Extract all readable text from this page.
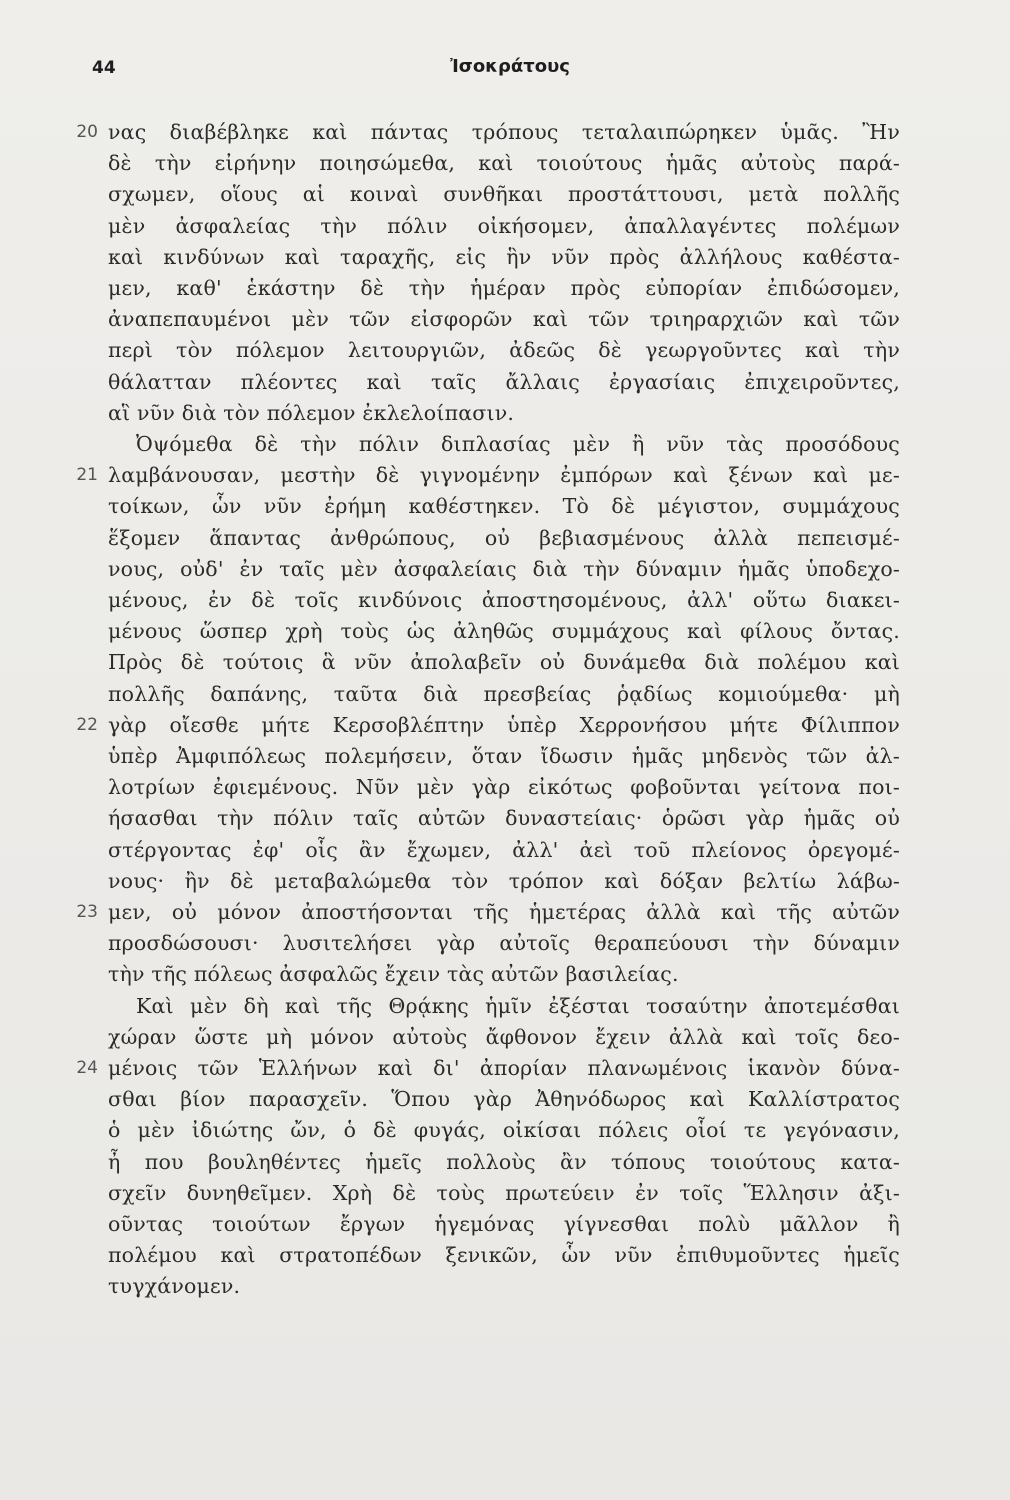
44	Ἰσοκράτους
νας διαβέβληκε καὶ πάντας τρόπους τεταλαιπώρηκεν ὑμᾶς. Ἢν
δὲ τὴν εἰρήνην ποιησώμεθα, καὶ τοιούτους ἡμᾶς αὐτοὺς παρά-
σχωμεν, οἵους αἱ κοιναὶ συνθῆκαι προστάττουσι, μετὰ πολλῆς
μὲν ἀσφαλείας τὴν πόλιν οἰκήσομεν, ἀπαλλαγέντες πολέμων
καὶ κινδύνων καὶ ταραχῆς, εἰς ἣν νῦν πρὸς ἀλλήλους καθέστα-
μεν, καθ' ἑκάστην δὲ τὴν ἡμέραν πρὸς εὐπορίαν ἐπιδώσομεν,
ἀναπεπαυμένοι μὲν τῶν εἰσφορῶν καὶ τῶν τριηραρχιῶν καὶ τῶν
περὶ τὸν πόλεμον λειτουργιῶν, ἀδεῶς δὲ γεωργοῦντες καὶ τὴν
θάλατταν πλέοντες καὶ ταῖς ἄλλαις ἐργασίαις ἐπιχειροῦντες,
αἳ νῦν διὰ τὸν πόλεμον ἐκλελοίπασιν.
Ὀψόμεθα δὲ τὴν πόλιν διπλασίας μὲν ἢ νῦν τὰς προσόδους
λαμβάνουσαν, μεστὴν δὲ γιγνομένην ἐμπόρων καὶ ξένων καὶ με-
τοίκων, ὧν νῦν ἐρήμη καθέστηκεν. Τὸ δὲ μέγιστον, συμμάχους
ἕξομεν ἅπαντας ἀνθρώπους, οὐ βεβιασμένους ἀλλὰ πεπεισμέ-
νους, οὐδ' ἐν ταῖς μὲν ἀσφαλείαις διὰ τὴν δύναμιν ἡμᾶς ὑποδεχο-
μένους, ἐν δὲ τοῖς κινδύνοις ἀποστησομένους, ἀλλ' οὕτω διακει-
μένους ὥσπερ χρὴ τοὺς ὡς ἀληθῶς συμμάχους καὶ φίλους ὄντας.
Πρὸς δὲ τούτοις ἃ νῦν ἀπολαβεῖν οὐ δυνάμεθα διὰ πολέμου καὶ
πολλῆς δαπάνης, ταῦτα διὰ πρεσβείας ῥᾳδίως κομιούμεθα· μὴ
γὰρ οἴεσθε μήτε Κερσοβλέπτην ὑπὲρ Χερρονήσου μήτε Φίλιππον
ὑπὲρ Ἀμφιπόλεως πολεμήσειν, ὅταν ἴδωσιν ἡμᾶς μηδενὸς τῶν ἀλ-
λοτρίων ἐφιεμένους. Νῦν μὲν γὰρ εἰκότως φοβοῦνται γείτονα ποι-
ήσασθαι τὴν πόλιν ταῖς αὐτῶν δυναστείαις· ὁρῶσι γὰρ ἡμᾶς οὐ
στέργοντας ἐφ' οἷς ἂν ἔχωμεν, ἀλλ' ἀεὶ τοῦ πλείονος ὀρεγομέ-
νους· ἢν δὲ μεταβαλώμεθα τὸν τρόπον καὶ δόξαν βελτίω λάβω-
μεν, οὐ μόνον ἀποστήσονται τῆς ἡμετέρας ἀλλὰ καὶ τῆς αὐτῶν
προσδώσουσι· λυσιτελήσει γὰρ αὐτοῖς θεραπεύουσι τὴν δύναμιν
τὴν τῆς πόλεως ἀσφαλῶς ἔχειν τὰς αὐτῶν βασιλείας.
Καὶ μὲν δὴ καὶ τῆς Θρᾴκης ἡμῖν ἐξέσται τοσαύτην ἀποτεμέσθαι
χώραν ὥστε μὴ μόνον αὐτοὺς ἄφθονον ἔχειν ἀλλὰ καὶ τοῖς δεο-
μένοις τῶν Ἑλλήνων καὶ δι' ἀπορίαν πλανωμένοις ἱκανὸν δύνα-
σθαι βίον παρασχεῖν. Ὅπου γὰρ Ἀθηνόδωρος καὶ Καλλίστρατος
ὁ μὲν ἰδιώτης ὤν, ὁ δὲ φυγάς, οἰκίσαι πόλεις οἷοί τε γεγόνασιν,
ἦ που βουληθέντες ἡμεῖς πολλοὺς ἂν τόπους τοιούτους κατα-
σχεῖν δυνηθεῖμεν. Χρὴ δὲ τοὺς πρωτεύειν ἐν τοῖς Ἕλλησιν ἀξι-
οῦντας τοιούτων ἔργων ἡγεμόνας γίγνεσθαι πολὺ μᾶλλον ἢ
πολέμου καὶ στρατοπέδων ξενικῶν, ὧν νῦν ἐπιθυμοῦντες ἡμεῖς
τυγχάνομεν.
20
21
22
23
24
